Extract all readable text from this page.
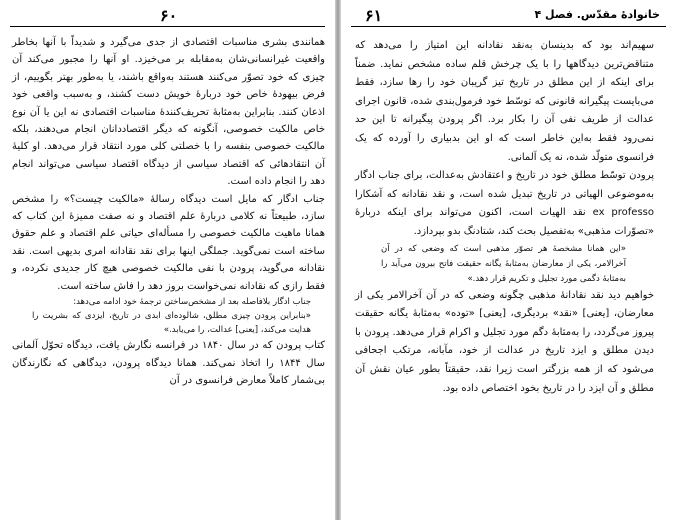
۶۰

همانندی بشری مناسبات اقتصادی از جدی می‌گیرد و شدیداً با آنها بخاطر واقعیت غیرانسانی‌شان به‌مقابله بر می‌خیزد. او آنها را مجبور می‌کند آن چیزی که خود تصوّر می‌کنند هستند به‌واقع باشند، یا به‌طور بهتر بگوییم، از فرض بیهودهٔ خاص خود دربارهٔ خویش دست کشند، و به‌سبب واقعی خود اذعان کنند. بنابراین به‌مثابهٔ تحریف‌کنندهٔ مناسبات اقتصادی نه این یا آن نوع خاص مالکیت خصوصی، آنگونه که دیگر اقتصاددانان انجام می‌دهند، بلکه مالکیت خصوصی بنفسه را با خصلتی کلی مورد انتقاد قرار می‌دهد. او کلیهٔ آن انتقادهائی که اقتصاد سیاسی از دیدگاه اقتصاد سیاسی می‌تواند انجام دهد را انجام داده است.

جناب ادگار که مایل است دیدگاه رسالهٔ «مالکیت چیست؟» را مشخص سازد، طبیعتاً نه کلامی دربارهٔ علم اقتصاد و نه صفت ممیزهٔ این کتاب که همانا ماهیت مالکیت خصوصی را مسأله‌ای حیاتی علم اقتصاد و علم حقوق ساخته است نمی‌گوید. جملگی اینها برای نقد نقادانه امری بدیهی است. نقد نقادانه می‌گوید، پرودن با نفی مالکیت خصوصی هیچ کار جدیدی نکرده، و فقط رازی که نقادانه نمی‌خواست بروز دهد را فاش ساخته است.

جناب ادگار بلافاصله بعد از مشخص‌ساختن ترجمهٔ خود ادامه می‌دهد:

«بنابراین پرودن چیزی مطلق، شالوده‌ای ابدی در تاریخ، ایزدی که بشریت را هدایت می‌کند، [یعنی] عدالت، را می‌یابد.»

کتاب پرودن که در سال ۱۸۴۰ در فرانسه نگارش یافت، دیدگاه تحوّل آلمانی سال ۱۸۴۴ را اتخاذ نمی‌کند. همانا دیدگاه پرودن، دیدگاهی که نگارندگان بی‌شمار کاملاً معارض فرانسوی در آن

خانوادهٔ مقدّس. فصل ۴
۶۱

سهیم‌اند بود که بدینسان به‌نقد نقادانه این امتیاز را می‌دهد که متناقض‌ترین دیدگاهها را با یک چرخش قلم ساده مشخص نماید. ضمناً برای اینکه از این مطلق در تاریخ تیز گریبان خود را رها سازد، فقط می‌بایست پیگیرانه قانونی که توسّط خود فرمول‌بندی شده، قانون اجرای عدالت از طریف نفی آن را بکار برد. اگر پرودن پیگیرانه تا این حد نمی‌رود فقط به‌این خاطر است که او این بدبیاری را آورده که یک فرانسوی متولّد شده، نه یک آلمانی.

پرودن توسّط مطلق خود در تاریخ و اعتقادش به‌عدالت، برای جناب ادگار به‌موضوعی الهیاتی در تاریخ تبدیل شده است، و نقد نقادانه که آشکارا ex professo نقد الهیات است، اکنون می‌تواند برای اینکه دربارهٔ «تصوّرات مذهبی» به‌تفصیل بحث کند، شتادنگ بدو بپردازد.

«این همانا مشخصهٔ هر تصوّر مذهبی است که وضعی که در آن آخرالامر، یکی از معارضان به‌مثابهٔ یگانه حقیقت فاتح بیرون می‌آید را به‌مثابهٔ دگمی مورد تجلیل و تکریم قرار دهد.»

خواهیم دید نقد نقادانهٔ مذهبی چگونه وضعی که در آن آخرالامر یکی از معارضان، [یعنی] «نقد» بردیگری، [یعنی] «توده» به‌مثابهٔ یگانه حقیقت پیروز می‌گردد، را به‌مثابهٔ دگم مورد تجلیل و اکرام قرار می‌دهد. پرودن با دیدن مطلق و ایزد تاریخ در عدالت از خود، مآبانه، مرتکب اجحافی می‌شود که از همه بزرگتر است زیرا نقد، حقیقتاً بطور عیان نقش آن مطلق و آن ایزد را در تاریخ بخود اختصاص داده بود.
